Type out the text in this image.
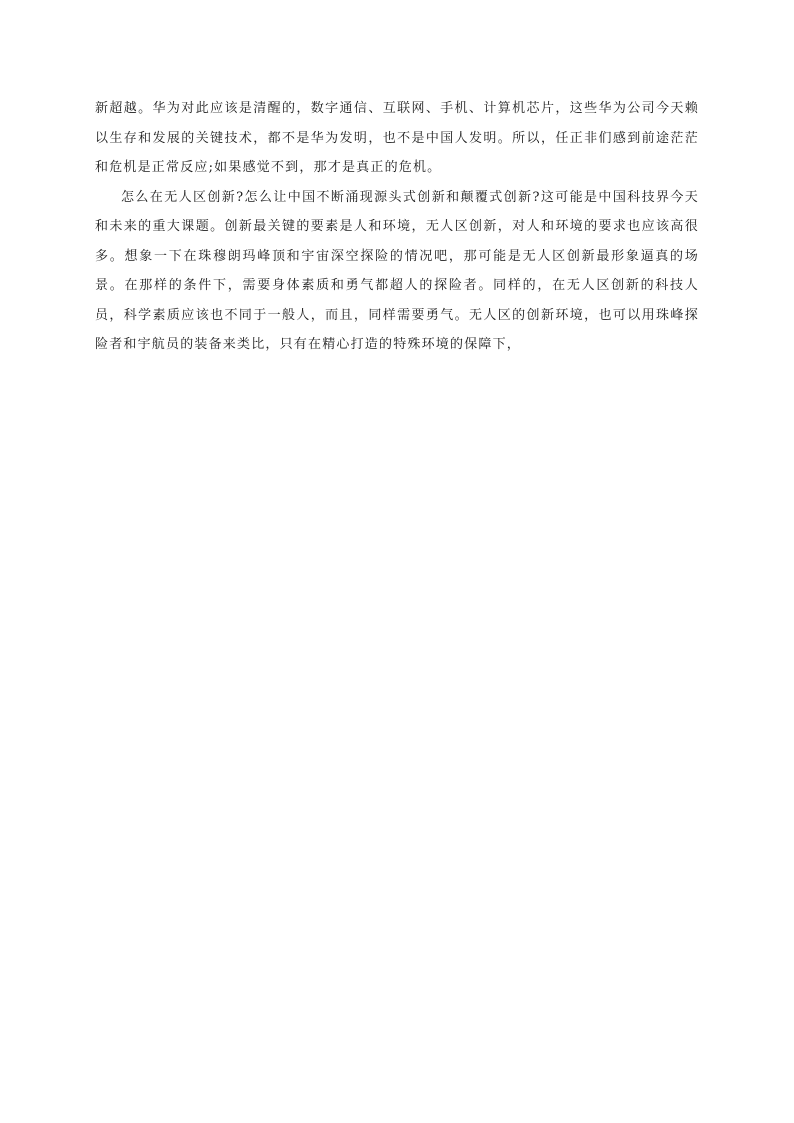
新超越。华为对此应该是清醒的，数字通信、互联网、手机、计算机芯片，这些华为公司今天赖以生存和发展的关键技术，都不是华为发明，也不是中国人发明。所以，任正非们感到前途茫茫和危机是正常反应;如果感觉不到，那才是真正的危机。

怎么在无人区创新?怎么让中国不断涌现源头式创新和颠覆式创新?这可能是中国科技界今天和未来的重大课题。创新最关键的要素是人和环境，无人区创新，对人和环境的要求也应该高很多。想象一下在珠穆朗玛峰顶和宇宙深空探险的情况吧，那可能是无人区创新最形象逼真的场景。在那样的条件下，需要身体素质和勇气都超人的探险者。同样的，在无人区创新的科技人员，科学素质应该也不同于一般人，而且，同样需要勇气。无人区的创新环境，也可以用珠峰探险者和宇航员的装备来类比，只有在精心打造的特殊环境的保障下，
